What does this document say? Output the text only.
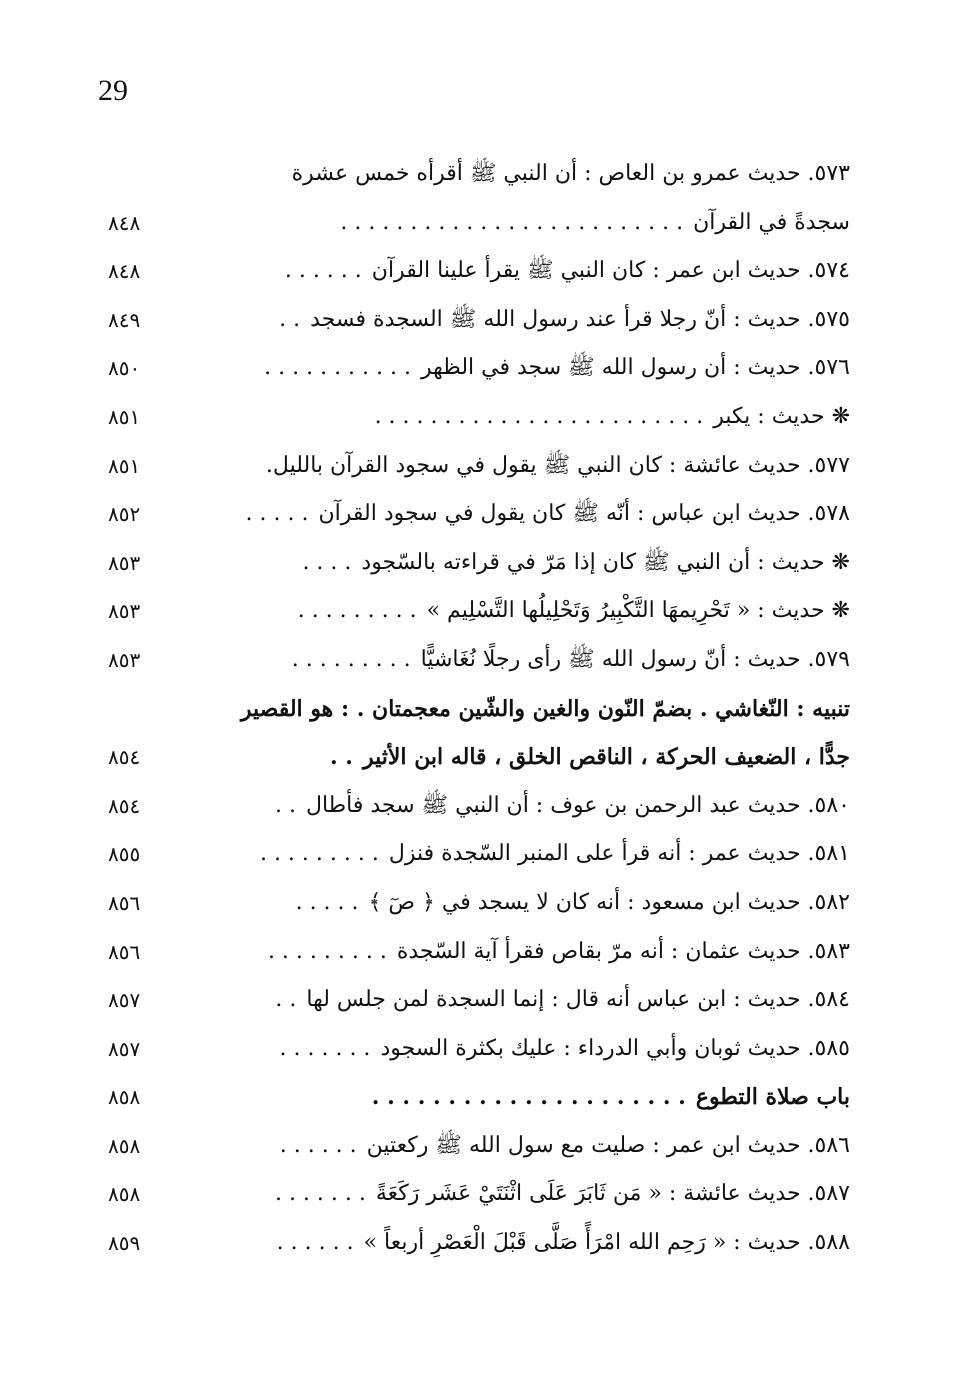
29
٥٧٣. حديث عمرو بن العاص : أن النبي ﷺ أقرأه خمس عشرة
سجدةً في القرآن. . . . . . . . . . . . . . . . . . . . . . . . .
٨٤٨
٥٧٤. حديث ابن عمر : كان النبي ﷺ يقرأ علينا القرآن. . . . . .
٨٤٨
٥٧٥. حديث : أنّ رجلا قرأ عند رسول الله ﷺ السجدة فسجد. .
٨٤٩
٥٧٦. حديث : أن رسول الله ﷺ سجد في الظهر. . . . . . . . . . .
٨٥٠
❋ حديث : يكبر. . . . . . . . . . . . . . . . . . . . . . . .
٨٥١
٥٧٧. حديث عائشة : كان النبي ﷺ يقول في سجود القرآن بالليل.
٨٥١
٥٧٨. حديث ابن عباس : أنّه ﷺ كان يقول في سجود القرآن. . . . .
٨٥٢
❋ حديث : أن النبي ﷺ كان إذا مَرّ في قراءته بالسّجود. . . .
٨٥٣
❋ حديث : « تَحْرِيمهَا التَّكْبِيرُ وَتَحْلِيلُها التَّسْلِيم ». . . . . . . . .
٨٥٣
٥٧٩. حديث : أنّ رسول الله ﷺ رأى رجلًا نُغَاشيًّا. . . . . . . . .
٨٥٣
تنبيه : النّغاشي . بضمّ النّون والغين والشّين معجمتان . : هو القصير
جدًّا ، الضعيف الحركة ، الناقص الخلق ، قاله ابن الأثير. .
٨٥٤
٥٨٠. حديث عبد الرحمن بن عوف : أن النبي ﷺ سجد فأطال. .
٨٥٤
٥٨١. حديث عمر : أنه قرأ على المنبر السّجدة فنزل. . . . . . . . .
٨٥٥
٥٨٢. حديث ابن مسعود : أنه كان لا يسجد في ﴿ صٓ ﴾. . . . .
٨٥٦
٥٨٣. حديث عثمان : أنه مرّ بقاص فقرأ آية السّجدة. . . . . . . . .
٨٥٦
٥٨٤. حديث : ابن عباس أنه قال : إنما السجدة لمن جلس لها. .
٨٥٧
٥٨٥. حديث ثوبان وأبي الدرداء : عليك بكثرة السجود. . . . . . .
٨٥٧
باب صلاة التطوع. . . . . . . . . . . . . . . . . . . . .
٨٥٨
٥٨٦. حديث ابن عمر : صليت مع سول الله ﷺ ركعتين. . . . . .
٨٥٨
٥٨٧. حديث عائشة : « مَن ثَابَرَ عَلَى اثْنَتَيْ عَشَر رَكَعَةً. . . . . . .
٨٥٨
٥٨٨. حديث : « رَحِم الله امْرَأً صَلَّى قَبْلَ الْعَصْرِ أربعاً ». . . . . .
٨٥٩
